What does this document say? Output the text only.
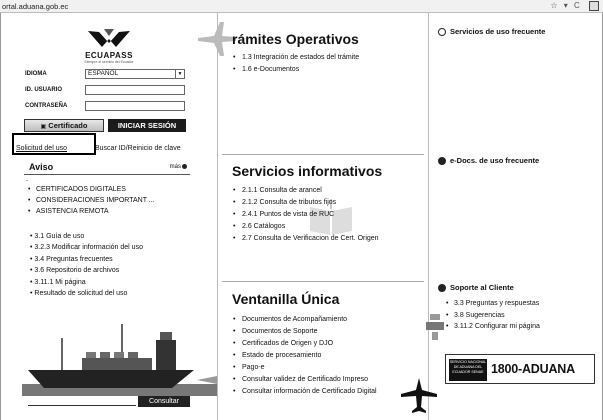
ortal.aduana.gob.ec	☆ ▾ C
ECUAPASS
Siempre al servicio del Ecuador
IDIOMA	ESPAÑOL	▼
ID. USUARIO
CONTRASEÑA
▣ Certificado	INICIAR SESIÓN
Solicitud del uso	Buscar ID/Reinicio de clave
Aviso	más
-
• CERTIFICADOS DIGITALES
• CONSIDERACIONES IMPORTANT ...
• ASISTENCIA REMOTA
• 3.1 Guía de uso
• 3.2.3 Modificar información del uso
• 3.4 Preguntas frecuentes
• 3.6 Repositorio de archivos
• 3.11.1 Mi página
• Resultado de solicitud del uso
Consultar
rámites Operativos
• 1.3 Integración de estados del trámite
• 1.6 e-Documentos
Servicios informativos
• 2.1.1 Consulta de arancel
• 2.1.2 Consulta de tributos fijos
• 2.4.1 Puntos de vista de RUC
• 2.6 Catálogos
• 2.7 Consulta de Verificacion de Cert. Origen
Ventanilla Única
• Documentos de Acompañamiento
• Documentos de Soporte
• Certificados de Origen y DJO
• Estado de procesamiento
• Pago-e
• Consultar validez de Certificado Impreso
• Consultar información de Certificado Digital
Servicios de uso frecuente
e-Docs. de uso frecuente
Soporte al Cliente
• 3.3 Preguntas y respuestas
• 3.8 Sugerencias
• 3.11.2 Configurar mi página
SERVICIO NACIONAL DE ADUANA DEL ECUADOR SENAE 1800-ADUANA
